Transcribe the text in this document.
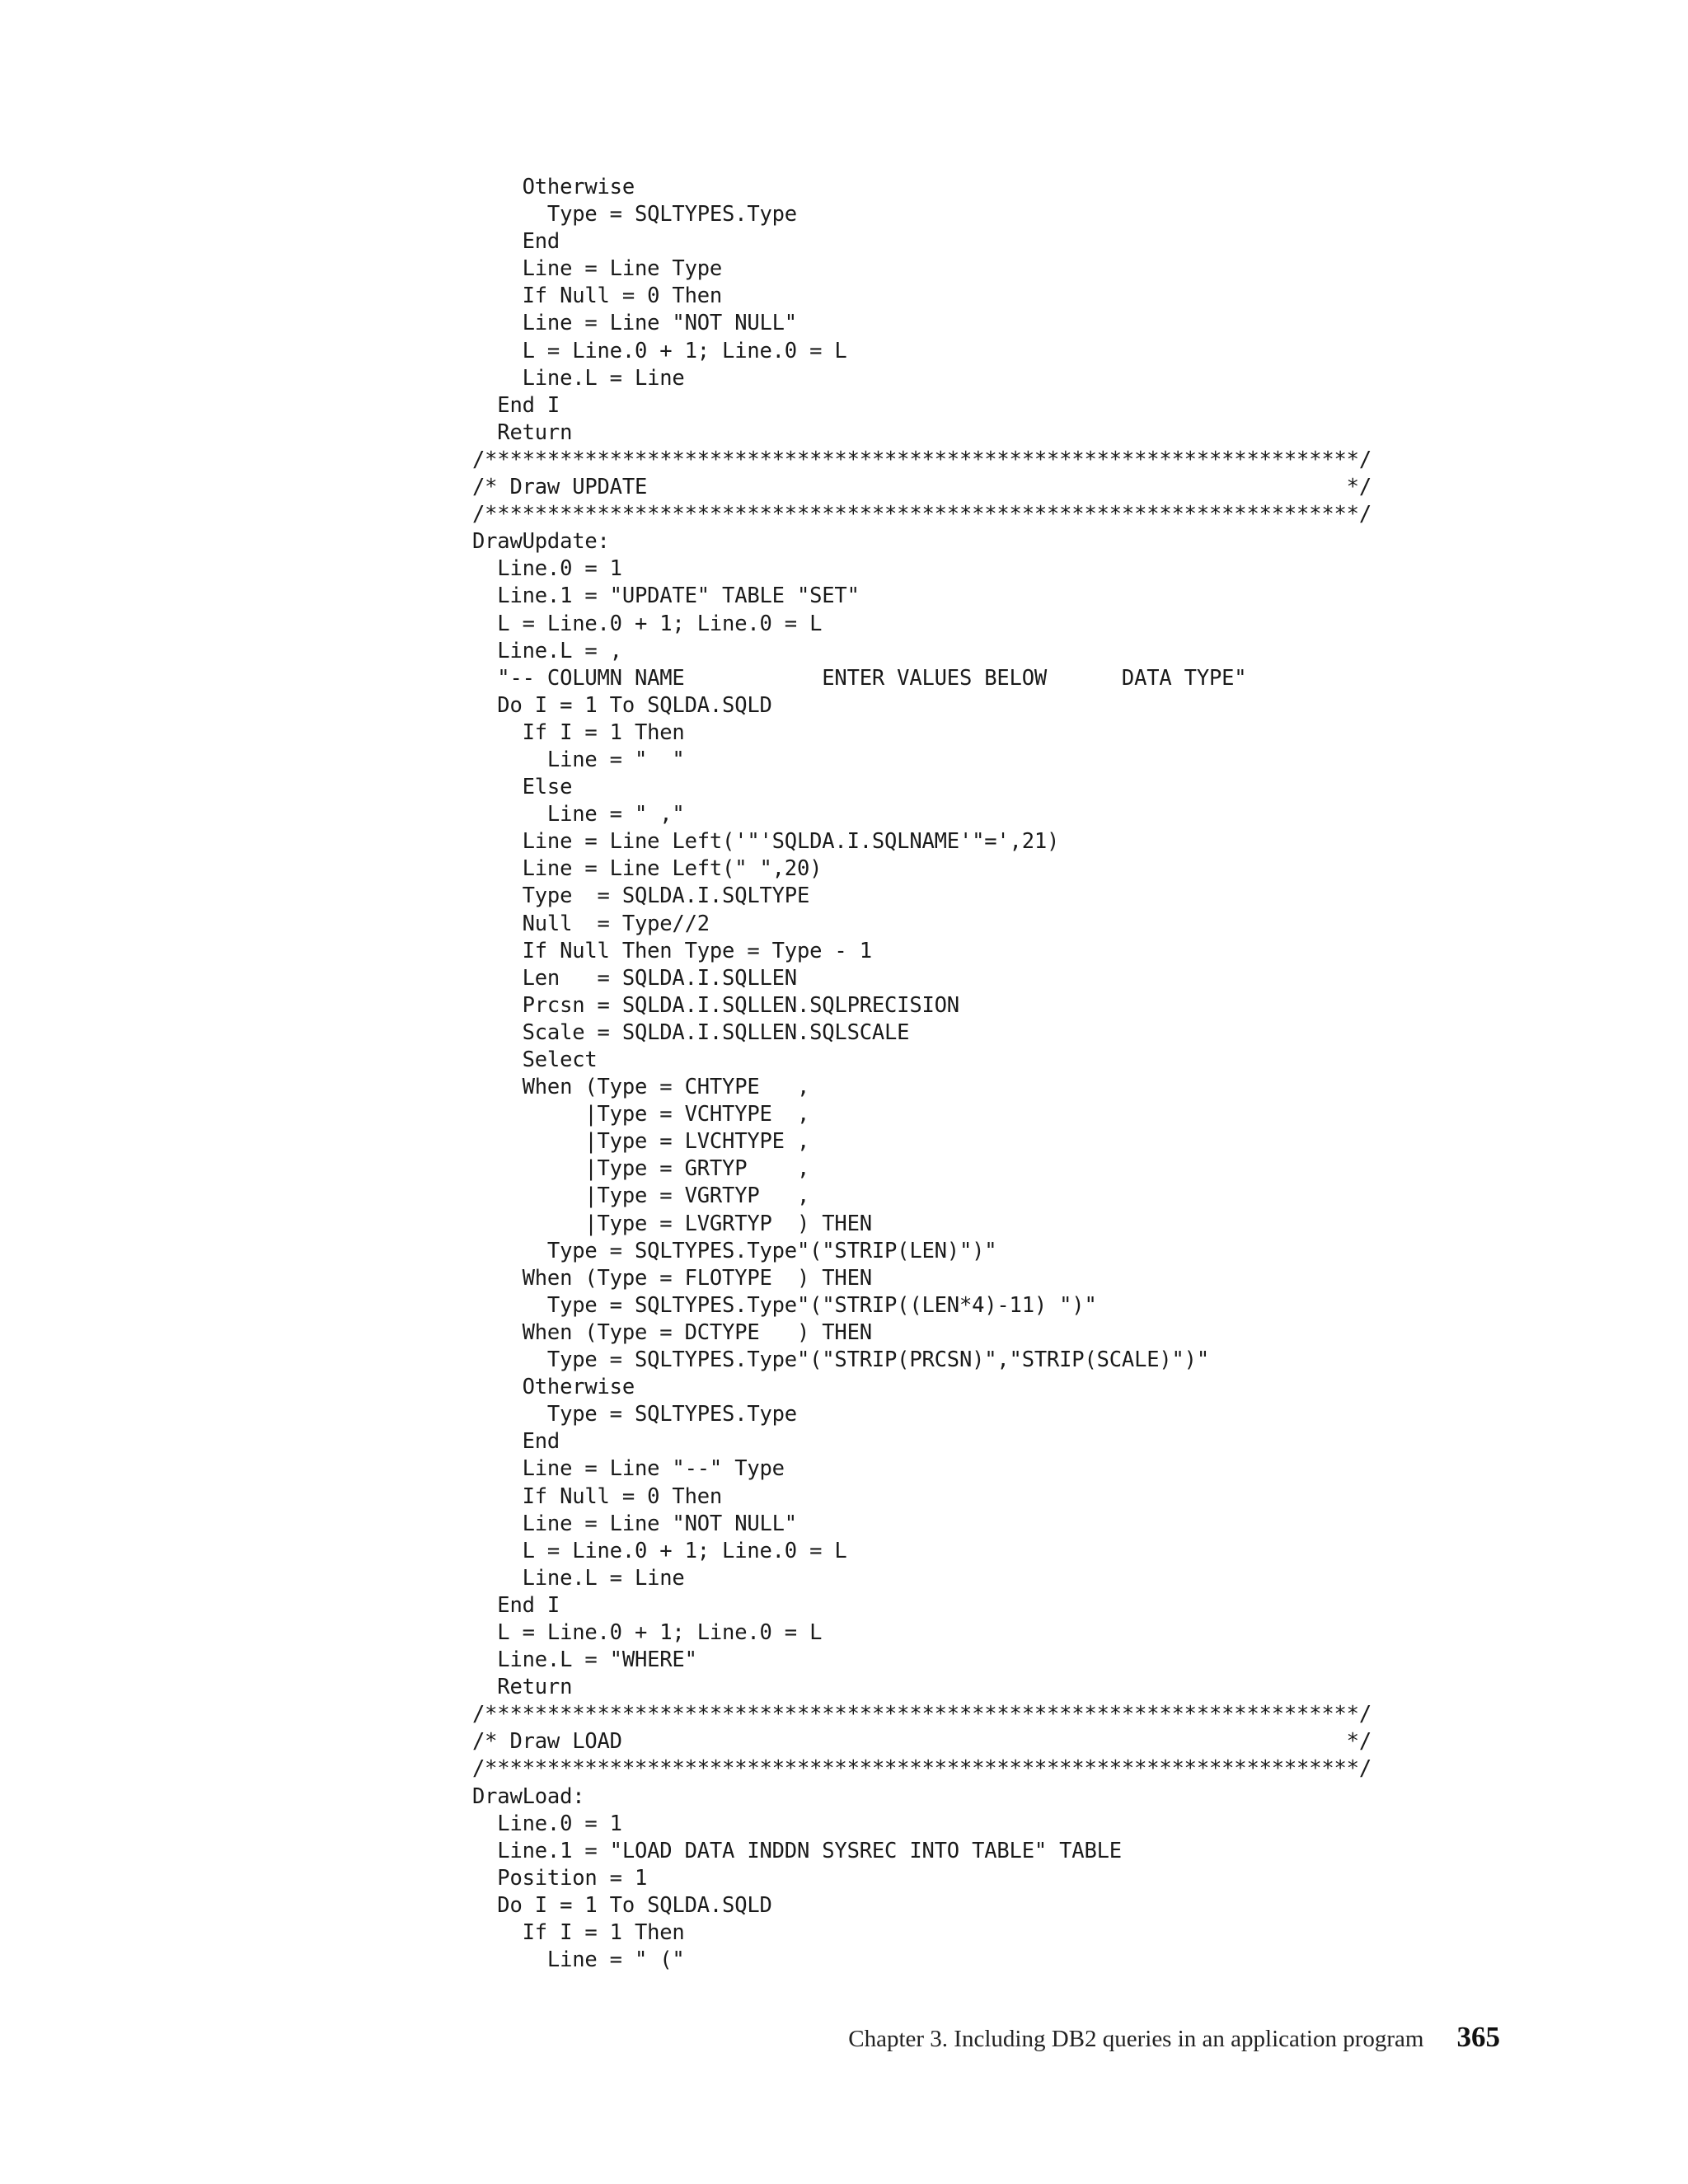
Otherwise
Type = SQLTYPES.Type
End
Line = Line Type
If Null = 0 Then
Line = Line "NOT NULL"
L = Line.0 + 1; Line.0 = L
Line.L = Line
End I
Return
/**********************************************************************/
/* Draw UPDATE                                                        */
/**********************************************************************/
DrawUpdate:
Line.0 = 1
Line.1 = "UPDATE" TABLE "SET"
L = Line.0 + 1; Line.0 = L
Line.L = ,
"-- COLUMN NAME           ENTER VALUES BELOW      DATA TYPE"
Do I = 1 To SQLDA.SQLD
If I = 1 Then
Line = "  "
Else
Line = " ,"
Line = Line Left('"'SQLDA.I.SQLNAME'"=',21)
Line = Line Left(" ",20)
Type  = SQLDA.I.SQLTYPE
Null  = Type//2
If Null Then Type = Type - 1
Len   = SQLDA.I.SQLLEN
Prcsn = SQLDA.I.SQLLEN.SQLPRECISION
Scale = SQLDA.I.SQLLEN.SQLSCALE
Select
When (Type = CHTYPE   ,
|Type = VCHTYPE  ,
|Type = LVCHTYPE ,
|Type = GRTYP    ,
|Type = VGRTYP   ,
|Type = LVGRTYP  ) THEN
Type = SQLTYPES.Type"("STRIP(LEN)")"
When (Type = FLOTYPE  ) THEN
Type = SQLTYPES.Type"("STRIP((LEN*4)-11) ")"
When (Type = DCTYPE   ) THEN
Type = SQLTYPES.Type"("STRIP(PRCSN)","STRIP(SCALE)")"
Otherwise
Type = SQLTYPES.Type
End
Line = Line "--" Type
If Null = 0 Then
Line = Line "NOT NULL"
L = Line.0 + 1; Line.0 = L
Line.L = Line
End I
L = Line.0 + 1; Line.0 = L
Line.L = "WHERE"
Return
/**********************************************************************/
/* Draw LOAD                                                          */
/**********************************************************************/
DrawLoad:
Line.0 = 1
Line.1 = "LOAD DATA INDDN SYSREC INTO TABLE" TABLE
Position = 1
Do I = 1 To SQLDA.SQLD
If I = 1 Then
Line = " ("
Chapter 3. Including DB2 queries in an application program 365
